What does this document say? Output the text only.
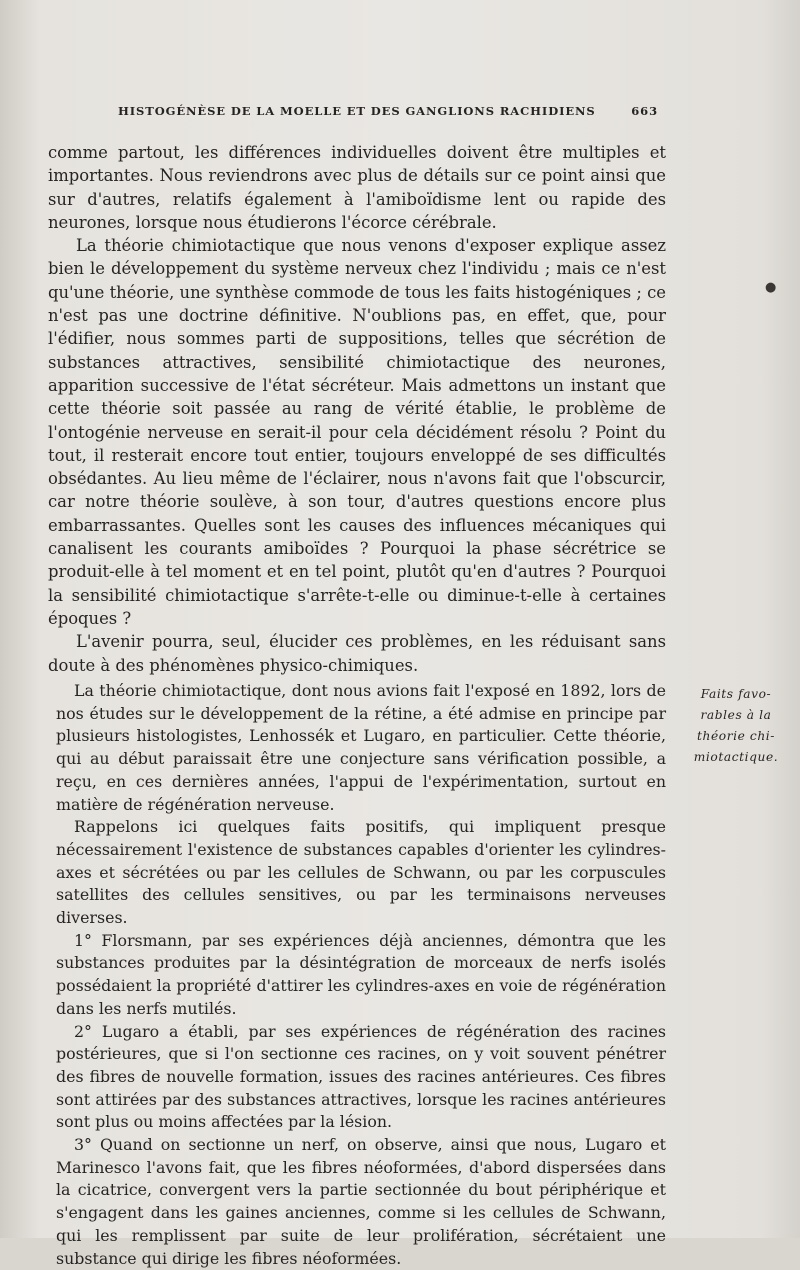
HISTOGÉNÈSE DE LA MOELLE ET DES GANGLIONS RACHIDIENS	663

comme partout, les différences individuelles doivent être multiples et importantes. Nous reviendrons avec plus de détails sur ce point ainsi que sur d'autres, relatifs également à l'amiboïdisme lent ou rapide des neurones, lorsque nous étudierons l'écorce cérébrale.

La théorie chimiotactique que nous venons d'exposer explique assez bien le développement du système nerveux chez l'individu ; mais ce n'est qu'une théorie, une synthèse commode de tous les faits histogéniques ; ce n'est pas une doctrine définitive. N'oublions pas, en effet, que, pour l'édifier, nous sommes parti de suppositions, telles que sécrétion de substances attractives, sensibilité chimiotactique des neurones, apparition successive de l'état sécréteur. Mais admettons un instant que cette théorie soit passée au rang de vérité établie, le problème de l'ontogénie nerveuse en serait-il pour cela décidément résolu ? Point du tout, il resterait encore tout entier, toujours enveloppé de ses difficultés obsédantes. Au lieu même de l'éclairer, nous n'avons fait que l'obscurcir, car notre théorie soulève, à son tour, d'autres questions encore plus embarrassantes. Quelles sont les causes des influences mécaniques qui canalisent les courants amiboïdes ? Pourquoi la phase sécrétrice se produit-elle à tel moment et en tel point, plutôt qu'en d'autres ? Pourquoi la sensibilité chimiotactique s'arrête-t-elle ou diminue-t-elle à certaines époques ?

L'avenir pourra, seul, élucider ces problèmes, en les réduisant sans doute à des phénomènes physico-chimiques.

La théorie chimiotactique, dont nous avions fait l'exposé en 1892, lors de nos études sur le développement de la rétine, a été admise en principe par plusieurs histologistes, Lenhossék et Lugaro, en particulier. Cette théorie, qui au début paraissait être une conjecture sans vérification possible, a reçu, en ces dernières années, l'appui de l'expérimentation, surtout en matière de régénération nerveuse.

Rappelons ici quelques faits positifs, qui impliquent presque nécessairement l'existence de substances capables d'orienter les cylindres-axes et sécrétées ou par les cellules de Schwann, ou par les corpuscules satellites des cellules sensitives, ou par les terminaisons nerveuses diverses.

1° Florsmann, par ses expériences déjà anciennes, démontra que les substances produites par la désintégration de morceaux de nerfs isolés possédaient la propriété d'attirer les cylindres-axes en voie de régénération dans les nerfs mutilés.

2° Lugaro a établi, par ses expériences de régénération des racines postérieures, que si l'on sectionne ces racines, on y voit souvent pénétrer des fibres de nouvelle formation, issues des racines antérieures. Ces fibres sont attirées par des substances attractives, lorsque les racines antérieures sont plus ou moins affectées par la lésion.

3° Quand on sectionne un nerf, on observe, ainsi que nous, Lugaro et Marinesco l'avons fait, que les fibres néoformées, d'abord dispersées dans la cicatrice, convergent vers la partie sectionnée du bout périphérique et s'engagent dans les gaines anciennes, comme si les cellules de Schwann, qui les remplissent par suite de leur prolifération, sécrétaient une substance qui dirige les fibres néoformées.

Faits favo-
rables à la
théorie chi-
miotactique.
●
